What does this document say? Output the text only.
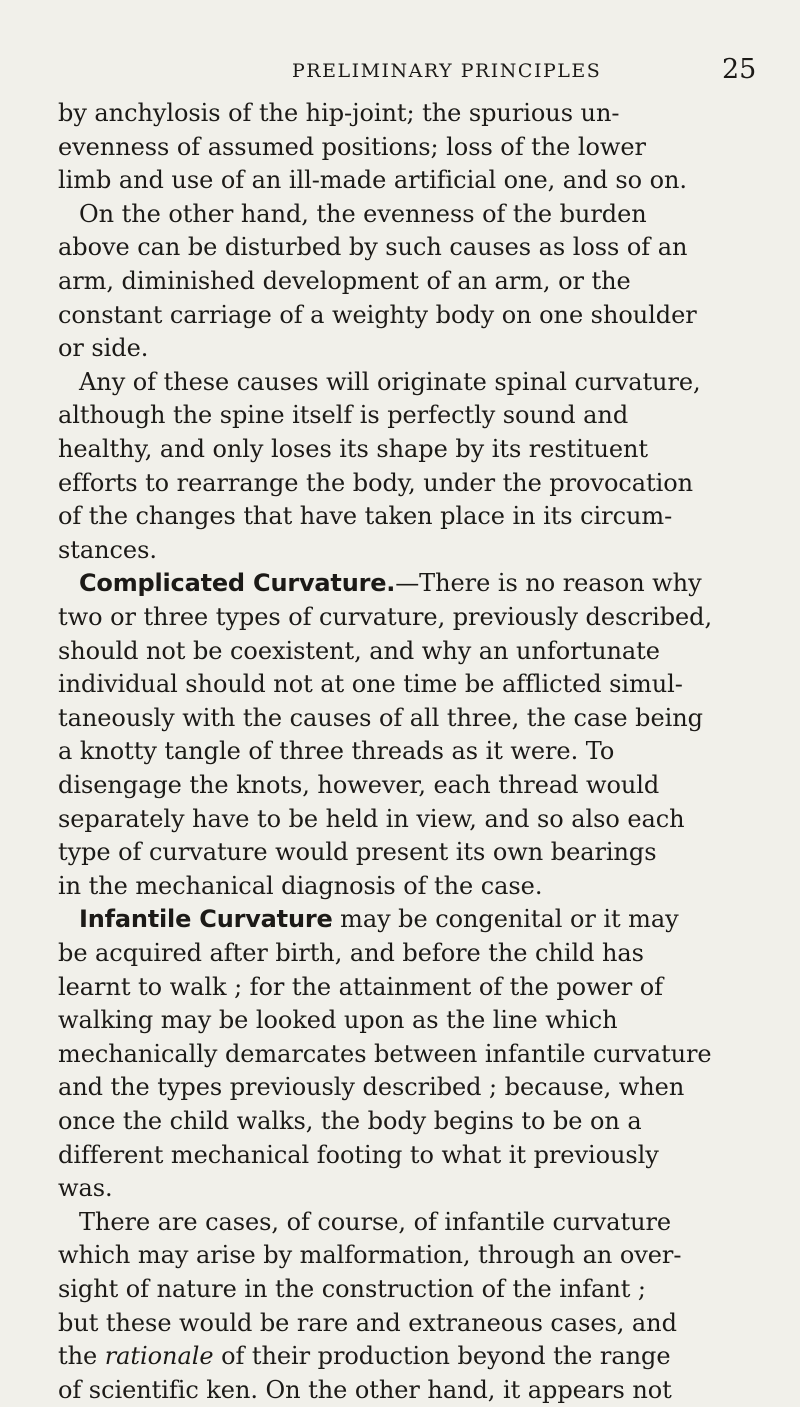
PRELIMINARY PRINCIPLES	25
by anchylosis of the hip-joint; the spurious un-
evenness of assumed positions; loss of the lower
limb and use of an ill-made artificial one, and so on.
On the other hand, the evenness of the burden
above can be disturbed by such causes as loss of an
arm, diminished development of an arm, or the
constant carriage of a weighty body on one shoulder
or side.
Any of these causes will originate spinal curvature,
although the spine itself is perfectly sound and
healthy, and only loses its shape by its restituent
efforts to rearrange the body, under the provocation
of the changes that have taken place in its circum-
stances.
Complicated Curvature.—There is no reason why
two or three types of curvature, previously described,
should not be coexistent, and why an unfortunate
individual should not at one time be afflicted simul-
taneously with the causes of all three, the case being
a knotty tangle of three threads as it were. To
disengage the knots, however, each thread would
separately have to be held in view, and so also each
type of curvature would present its own bearings
in the mechanical diagnosis of the case.
Infantile Curvature may be congenital or it may
be acquired after birth, and before the child has
learnt to walk ; for the attainment of the power of
walking may be looked upon as the line which
mechanically demarcates between infantile curvature
and the types previously described ; because, when
once the child walks, the body begins to be on a
different mechanical footing to what it previously
was.
There are cases, of course, of infantile curvature
which may arise by malformation, through an over-
sight of nature in the construction of the infant ;
but these would be rare and extraneous cases, and
the rationale of their production beyond the range
of scientific ken. On the other hand, it appears not
